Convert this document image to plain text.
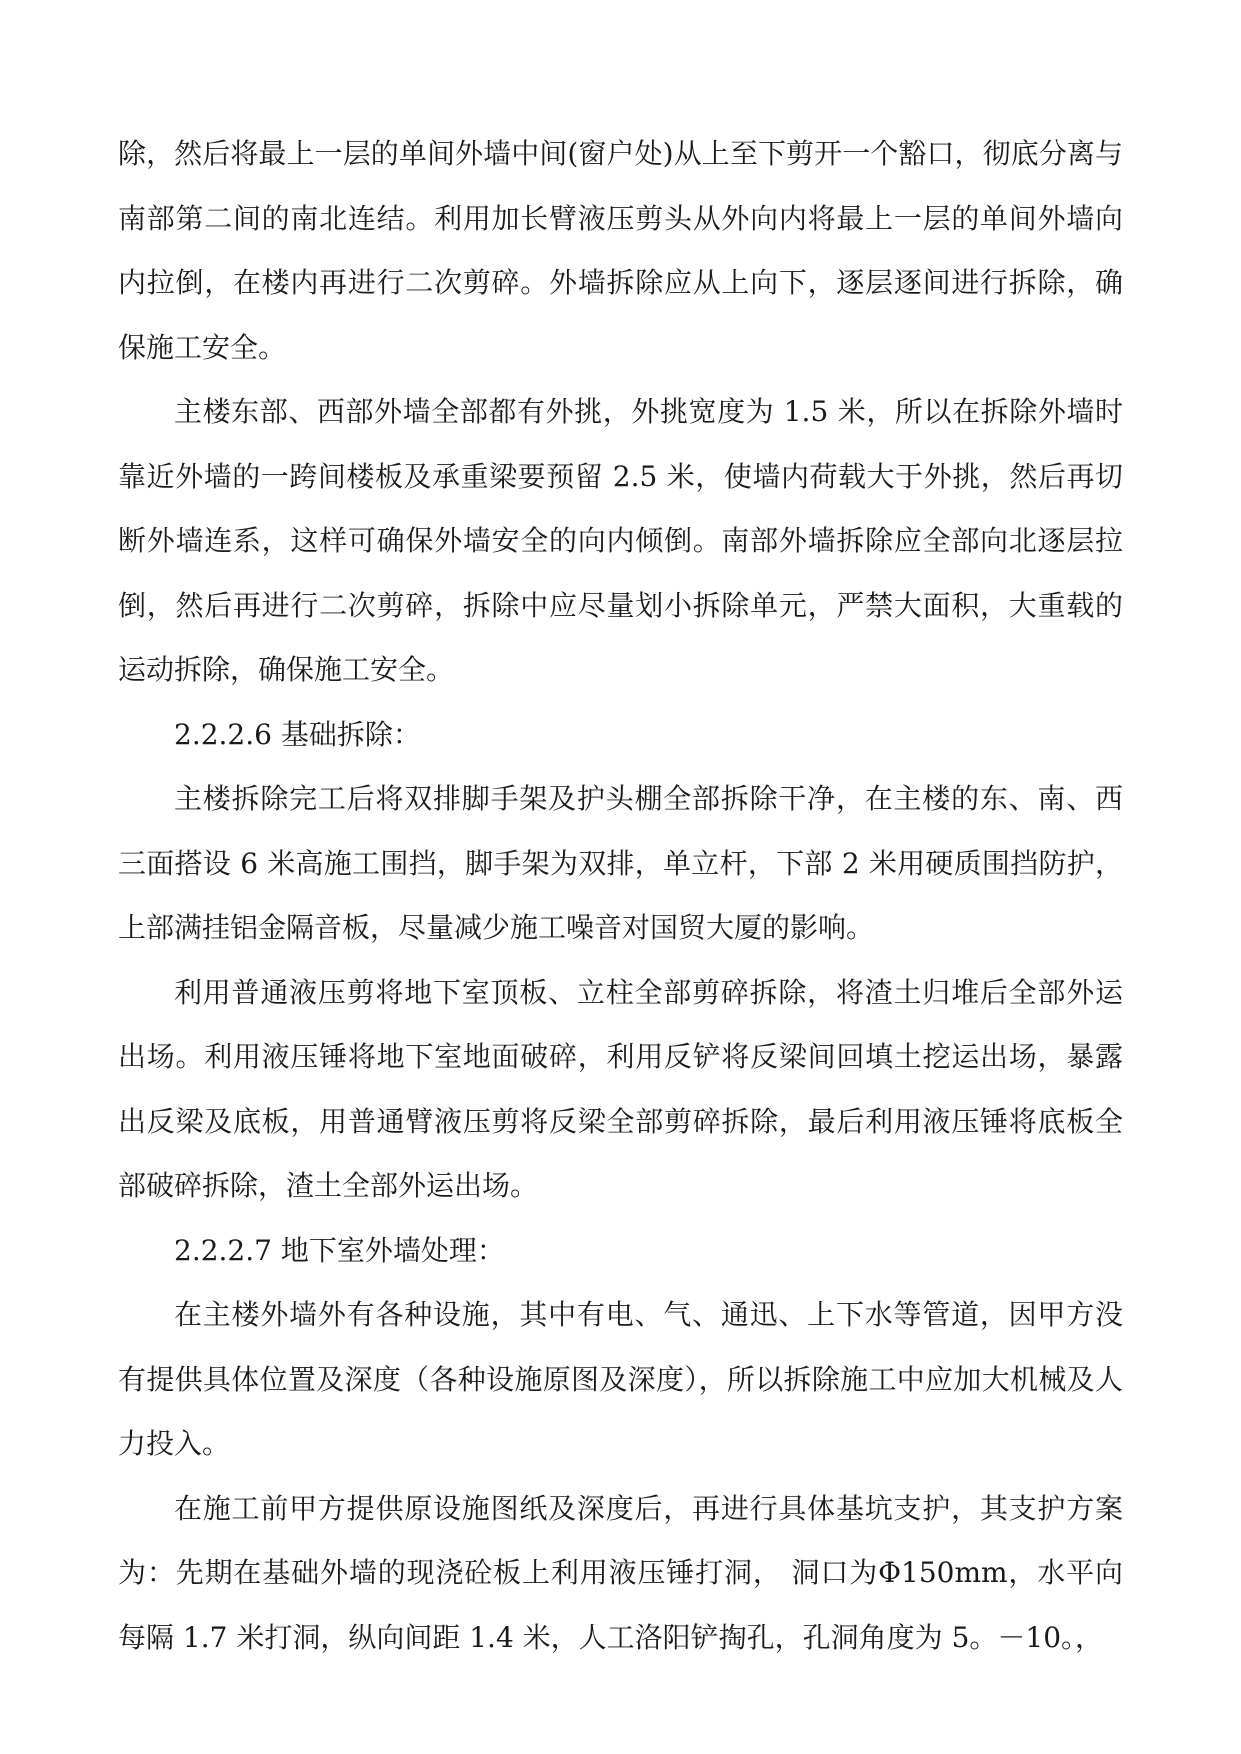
除，然后将最上一层的单间外墙中间(窗户处)从上至下剪开一个豁口，彻底分离与南部第二间的南北连结。利用加长臂液压剪头从外向内将最上一层的单间外墙向内拉倒，在楼内再进行二次剪碎。外墙拆除应从上向下，逐层逐间进行拆除，确保施工安全。

主楼东部、西部外墙全部都有外挑，外挑宽度为 1.5 米，所以在拆除外墙时靠近外墙的一跨间楼板及承重梁要预留 2.5 米，使墙内荷载大于外挑，然后再切断外墙连系，这样可确保外墙安全的向内倾倒。南部外墙拆除应全部向北逐层拉倒，然后再进行二次剪碎，拆除中应尽量划小拆除单元，严禁大面积，大重载的运动拆除，确保施工安全。

2.2.2.6 基础拆除：

主楼拆除完工后将双排脚手架及护头棚全部拆除干净，在主楼的东、南、西三面搭设 6 米高施工围挡，脚手架为双排，单立杆，下部 2 米用硬质围挡防护，上部满挂铝金隔音板，尽量减少施工噪音对国贸大厦的影响。

利用普通液压剪将地下室顶板、立柱全部剪碎拆除，将渣土归堆后全部外运出场。利用液压锤将地下室地面破碎，利用反铲将反梁间回填土挖运出场，暴露出反梁及底板，用普通臂液压剪将反梁全部剪碎拆除，最后利用液压锤将底板全部破碎拆除，渣土全部外运出场。

2.2.2.7 地下室外墙处理：

在主楼外墙外有各种设施，其中有电、气、通迅、上下水等管道，因甲方没有提供具体位置及深度（各种设施原图及深度），所以拆除施工中应加大机械及人力投入。

在施工前甲方提供原设施图纸及深度后，再进行具体基坑支护，其支护方案为：先期在基础外墙的现浇砼板上利用液压锤打洞， 洞口为Φ150mm，水平向每隔 1.7 米打洞，纵向间距 1.4 米，人工洛阳铲掏孔，孔洞角度为 5。－10。，
